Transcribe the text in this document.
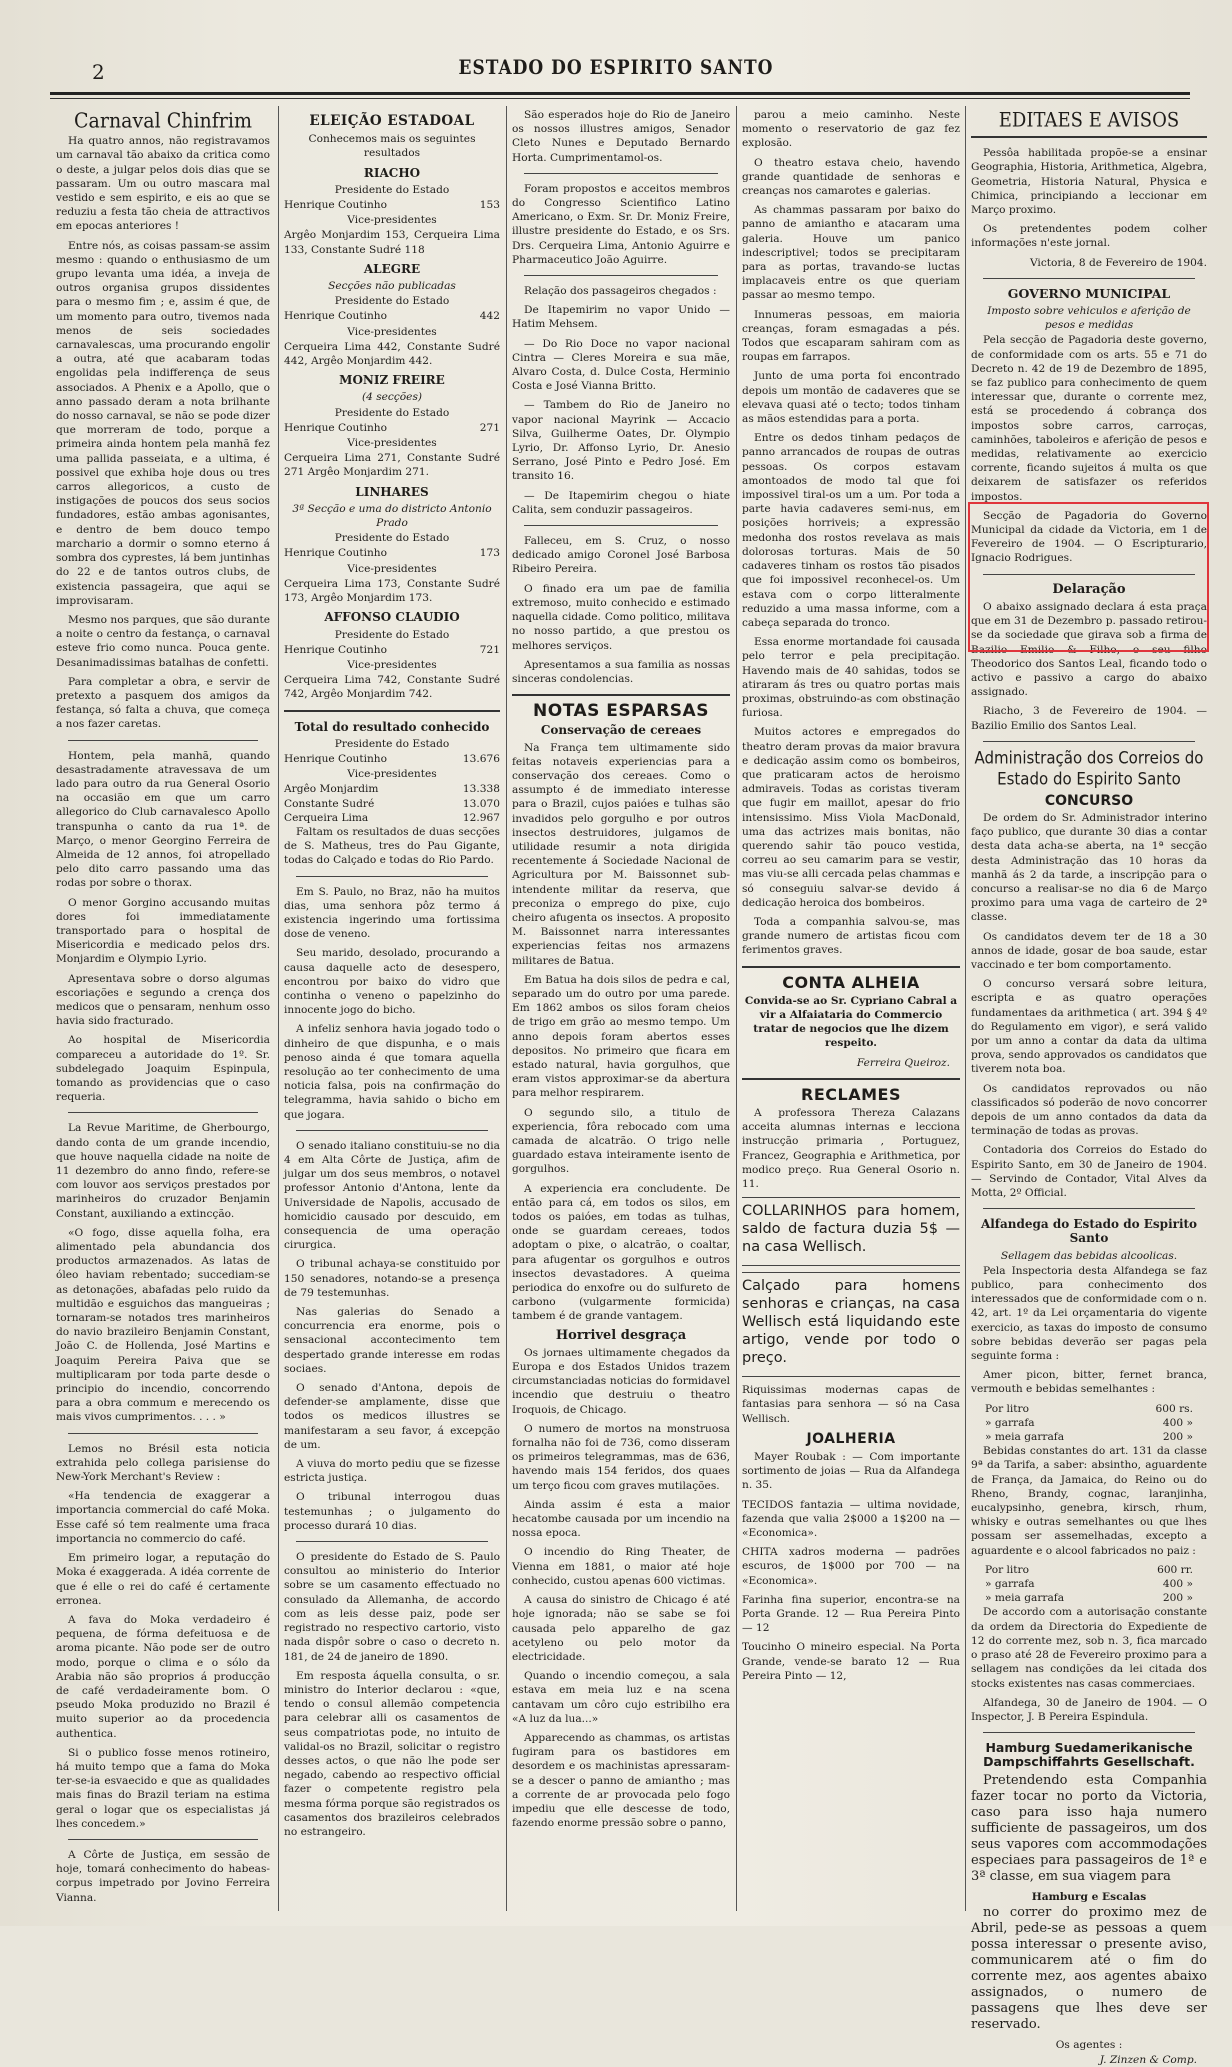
2	ESTADO DO ESPIRITO SANTO
Carnaval Chinfrim

Ha quatro annos, não registravamos um carnaval tão abaixo da critica como o deste, a julgar pelos dois dias que se passaram. Um ou outro mascara mal vestido e sem espirito, e eis ao que se reduziu a festa tão cheia de attractivos em epocas anteriores !

Entre nós, as coisas passam-se assim mesmo : quando o enthusiasmo de um grupo levanta uma idéa, a inveja de outros organisa grupos dissidentes para o mesmo fim ; e, assim é que, de um momento para outro, tivemos nada menos de seis sociedades carnavalescas, uma procurando engolir a outra, até que acabaram todas engolidas pela indifferença de seus associados. A Phenix e a Apollo, que o anno passado deram a nota brilhante do nosso carnaval, se não se pode dizer que morreram de todo, porque a primeira ainda hontem pela manhã fez uma pallida passeiata, e a ultima, é possivel que exhiba hoje dous ou tres carros allegoricos, a custo de instigações de poucos dos seus socios fundadores, estão ambas agonisantes, e dentro de bem douco tempo marchario a dormir o somno eterno á sombra dos cyprestes, lá bem juntinhas do 22 e de tantos outros clubs, de existencia passageira, que aqui se improvisaram.

Mesmo nos parques, que são durante a noite o centro da festança, o carnaval esteve frio como nunca. Pouca gente. Desanimadissimas batalhas de confetti.

Para completar a obra, e servir de pretexto a pasquem dos amigos da festança, só falta a chuva, que começa a nos fazer caretas.

Hontem, pela manhã, quando desastradamente atravessava de um lado para outro da rua General Osorio na occasião em que um carro allegorico do Club carnavalesco Apollo transpunha o canto da rua 1ª. de Março, o menor Georgino Ferreira de Almeida de 12 annos, foi atropellado pelo dito carro passando uma das rodas por sobre o thorax.

O menor Gorgino accusando muitas dores foi immediatamente transportado para o hospital de Misericordia e medicado pelos drs. Monjardim e Olympio Lyrio.

Apresentava sobre o dorso algumas escoriações e segundo a crença dos medicos que o pensaram, nenhum osso havia sido fracturado.

Ao hospital de Misericordia compareceu a autoridade do 1º. Sr. subdelegado Joaquim Espinpula, tomando as providencias que o caso requeria.

La Revue Maritime, de Gherbourgo, dando conta de um grande incendio, que houve naquella cidade na noite de 11 dezembro do anno findo, refere-se com louvor aos serviços prestados por marinheiros do cruzador Benjamin Constant, auxiliando a extincção.

«O fogo, disse aquella folha, era alimentado pela abundancia dos productos armazenados. As latas de óleo haviam rebentado; succediam-se as detonações, abafadas pelo ruido da multidão e esguichos das mangueiras ; tornaram-se notados tres marinheiros do navio brazileiro Benjamin Constant, João C. de Hollenda, José Martins e Joaquim Pereira Paiva que se multiplicaram por toda parte desde o principio do incendio, concorrendo para a obra commum e merecendo os mais vivos cumprimentos. . . . »

Lemos no Brésil esta noticia extrahida pelo collega parisiense do New-York Merchant's Review :

«Ha tendencia de exaggerar a importancia commercial do café Moka. Esse café só tem realmente uma fraca importancia no commercio do café.

Em primeiro logar, a reputação do Moka é exaggerada. A idéa corrente de que é elle o rei do café é certamente erronea.

A fava do Moka verdadeiro é pequena, de fórma defeituosa e de aroma picante. Não pode ser de outro modo, porque o clima e o sólo da Arabia não são proprios á producção de café verdadeiramente bom. O pseudo Moka produzido no Brazil é muito superior ao da procedencia authentica.

Si o publico fosse menos rotineiro, há muito tempo que a fama do Moka ter-se-ia esvaecido e que as qualidades mais finas do Brazil teriam na estima geral o logar que os especialistas já lhes concedem.»

A Côrte de Justiça, em sessão de hoje, tomará conhecimento do habeas-corpus impetrado por Jovino Ferreira Vianna.

ELEIÇÃO ESTADOAL
Conhecemos mais os seguintes resultados
RIACHO
Presidente do Estado
Henrique Coutinho	153
Vice-presidentes

Argêo Monjardim 153, Cerqueira Lima 133, Constante Sudré 118

ALEGRE
Secções não publicadas
Presidente do Estado
Henrique Coutinho	442
Vice-presidentes

Cerqueira Lima 442, Constante Sudré 442, Argêo Monjardim 442.

MONIZ FREIRE
(4 secções)
Presidente do Estado
Henrique Coutinho	271
Vice-presidentes

Cerqueira Lima 271, Constante Sudré 271 Argêo Monjardim 271.

LINHARES
3ª Secção e uma do districto Antonio Prado
Presidente do Estado
Henrique Coutinho	173
Vice-presidentes

Cerqueira Lima 173, Constante Sudré 173, Argêo Monjardim 173.

AFFONSO CLAUDIO
Presidente do Estado
Henrique Coutinho	721
Vice-presidentes

Cerqueira Lima 742, Constante Sudré 742, Argêo Monjardim 742.

Total do resultado conhecido
Presidente do Estado
Henrique Coutinho	13.676
Vice-presidentes
Argêo Monjardim	13.338
Constante Sudré	13.070
Cerqueira Lima	12.967

Faltam os resultados de duas secções de S. Matheus, tres do Pau Gigante, todas do Calçado e todas do Rio Pardo.

Em S. Paulo, no Braz, não ha muitos dias, uma senhora pôz termo á existencia ingerindo uma fortissima dose de veneno.

Seu marido, desolado, procurando a causa daquelle acto de desespero, encontrou por baixo do vidro que continha o veneno o papelzinho do innocente jogo do bicho.

A infeliz senhora havia jogado todo o dinheiro de que dispunha, e o mais penoso ainda é que tomara aquella resolução ao ter conhecimento de uma noticia falsa, pois na confirmação do telegramma, havia sahido o bicho em que jogara.

O senado italiano constituiu-se no dia 4 em Alta Côrte de Justiça, afim de julgar um dos seus membros, o notavel professor Antonio d'Antona, lente da Universidade de Napolis, accusado de homicidio causado por descuido, em consequencia de uma operação cirurgica.

O tribunal achaya-se constituido por 150 senadores, notando-se a presença de 79 testemunhas.

Nas galerias do Senado a concurrencia era enorme, pois o sensacional accontecimento tem despertado grande interesse em rodas sociaes.

O senado d'Antona, depois de defender-se amplamente, disse que todos os medicos illustres se manifestaram a seu favor, á excepção de um.

A viuva do morto pediu que se fizesse estricta justiça.

O tribunal interrogou duas testemunhas ; o julgamento do processo durará 10 dias.

O presidente do Estado de S. Paulo consultou ao ministerio do Interior sobre se um casamento effectuado no consulado da Allemanha, de accordo com as leis desse paiz, pode ser registrado no respectivo cartorio, visto nada dispôr sobre o caso o decreto n. 181, de 24 de janeiro de 1890.

Em resposta áquella consulta, o sr. ministro do Interior declarou : «que, tendo o consul allemão competencia para celebrar alli os casamentos de seus compatriotas pode, no intuito de validal-os no Brazil, solicitar o registro desses actos, o que não lhe pode ser negado, cabendo ao respectivo official fazer o competente registro pela mesma fórma porque são registrados os casamentos dos brazileiros celebrados no estrangeiro.

São esperados hoje do Rio de Janeiro os nossos illustres amigos, Senador Cleto Nunes e Deputado Bernardo Horta. Cumprimentamol-os.

Foram propostos e acceitos membros do Congresso Scientifico Latino Americano, o Exm. Sr. Dr. Moniz Freire, illustre presidente do Estado, e os Srs. Drs. Cerqueira Lima, Antonio Aguirre e Pharmaceutico João Aguirre.

Relação dos passageiros chegados :

De Itapemirim no vapor Unido — Hatim Mehsem.

— Do Rio Doce no vapor nacional Cintra — Cleres Moreira e sua mãe, Alvaro Costa, d. Dulce Costa, Herminio Costa e José Vianna Britto.

— Tambem do Rio de Janeiro no vapor nacional Mayrink — Accacio Silva, Guilherme Oates, Dr. Olympio Lyrio, Dr. Affonso Lyrio, Dr. Anesio Serrano, José Pinto e Pedro José. Em transito 16.

— De Itapemirim chegou o hiate Calita, sem conduzir passageiros.

Falleceu, em S. Cruz, o nosso dedicado amigo Coronel José Barbosa Ribeiro Pereira.

O finado era um pae de familia extremoso, muito conhecido e estimado naquella cidade. Como politico, militava no nosso partido, a que prestou os melhores serviços.

Apresentamos a sua familia as nossas sinceras condolencias.

NOTAS ESPARSAS
Conservação de cereaes

Na França tem ultimamente sido feitas notaveis experiencias para a conservação dos cereaes. Como o assumpto é de immediato interesse para o Brazil, cujos paióes e tulhas são invadidos pelo gorgulho e por outros insectos destruidores, julgamos de utilidade resumir a nota dirigida recentemente á Sociedade Nacional de Agricultura por M. Baissonnet sub-intendente militar da reserva, que preconiza o emprego do pixe, cujo cheiro afugenta os insectos. A proposito M. Baissonnet narra interessantes experiencias feitas nos armazens militares de Batua.

Em Batua ha dois silos de pedra e cal, separado um do outro por uma parede. Em 1862 ambos os silos foram cheios de trigo em grão ao mesmo tempo. Um anno depois foram abertos esses depositos. No primeiro que ficara em estado natural, havia gorgulhos, que eram vistos approximar-se da abertura para melhor respirarem.

O segundo silo, a titulo de experiencia, fôra rebocado com uma camada de alcatrão. O trigo nelle guardado estava inteiramente isento de gorgulhos.

A experiencia era concludente. De então para cá, em todos os silos, em todos os paióes, em todas as tulhas, onde se guardam cereaes, todos adoptam o pixe, o alcatrão, o coaltar, para afugentar os gorgulhos e outros insectos devastadores. A queima periodica do enxofre ou do sulfureto de carbono (vulgarmente formicida) tambem é de grande vantagem.

Horrivel desgraça

Os jornaes ultimamente chegados da Europa e dos Estados Unidos trazem circumstanciadas noticias do formidavel incendio que destruiu o theatro Iroquois, de Chicago.

O numero de mortos na monstruosa fornalha não foi de 736, como disseram os primeiros telegrammas, mas de 636, havendo mais 154 feridos, dos quaes um terço ficou com graves mutilações.

Ainda assim é esta a maior hecatombe causada por um incendio na nossa epoca.

O incendio do Ring Theater, de Vienna em 1881, o maior até hoje conhecido, custou apenas 600 victimas.

A causa do sinistro de Chicago é até hoje ignorada; não se sabe se foi causada pelo apparelho de gaz acetyleno ou pelo motor da electricidade.

Quando o incendio começou, a sala estava em meia luz e na scena cantavam um côro cujo estribilho era «A luz da lua...»

Apparecendo as chammas, os artistas fugiram para os bastidores em desordem e os machinistas apressaram-se a descer o panno de amiantho ; mas a corrente de ar provocada pelo fogo impediu que elle descesse de todo, fazendo enorme pressão sobre o panno,

parou a meio caminho. Neste momento o reservatorio de gaz fez explosão.

O theatro estava cheio, havendo grande quantidade de senhoras e creanças nos camarotes e galerias.

As chammas passaram por baixo do panno de amiantho e atacaram uma galeria. Houve um panico indescriptivel; todos se precipitaram para as portas, travando-se luctas implacaveis entre os que queriam passar ao mesmo tempo.

Innumeras pessoas, em maioria creanças, foram esmagadas a pés. Todos que escaparam sahiram com as roupas em farrapos.

Junto de uma porta foi encontrado depois um montão de cadaveres que se elevava quasi até o tecto; todos tinham as mãos estendidas para a porta.

Entre os dedos tinham pedaços de panno arrancados de roupas de outras pessoas. Os corpos estavam amontoados de modo tal que foi impossivel tiral-os um a um. Por toda a parte havia cadaveres semi-nus, em posições horriveis; a expressão medonha dos rostos revelava as mais dolorosas torturas. Mais de 50 cadaveres tinham os rostos tão pisados que foi impossivel reconhecel-os. Um estava com o corpo litteralmente reduzido a uma massa informe, com a cabeça separada do tronco.

Essa enorme mortandade foi causada pelo terror e pela precipitação. Havendo mais de 40 sahidas, todos se atiraram ás tres ou quatro portas mais proximas, obstruindo-as com obstinação furiosa.

Muitos actores e empregados do theatro deram provas da maior bravura e dedicação assim como os bombeiros, que praticaram actos de heroismo admiraveis. Todas as coristas tiveram que fugir em maillot, apesar do frio intensissimo. Miss Viola MacDonald, uma das actrizes mais bonitas, não querendo sahir tão pouco vestida, correu ao seu camarim para se vestir, mas viu-se alli cercada pelas chammas e só conseguiu salvar-se devido á dedicação heroica dos bombeiros.

Toda a companhia salvou-se, mas grande numero de artistas ficou com ferimentos graves.

CONTA ALHEIA

Convida-se ao Sr. Cypriano Cabral a vir a Alfaiataria do Commercio tratar de negocios que lhe dizem respeito.

Ferreira Queiroz.
RECLAMES

A professora Thereza Calazans acceita alumnas internas e lecciona instrucção primaria , Portuguez, Francez, Geographia e Arithmetica, por modico preço. Rua General Osorio n. 11.

COLLARINHOS para homem, saldo de factura duzia 5$ — na casa Wellisch.

Calçado para homens senhoras e crianças, na casa Wellisch está liquidando este artigo, vende por todo o preço.

Riquissimas modernas capas de fantasias para senhora — só na Casa Wellisch.

JOALHERIA

Mayer Roubak : — Com importante sortimento de joias — Rua da Alfandega n. 35.

TECIDOS fantazia — ultima novidade, fazenda que valia 2$000 a 1$200 na — «Economica».

CHITA xadros moderna — padrões escuros, de 1$000 por 700 — na «Economica».

Farinha fina superior, encontra-se na Porta Grande. 12 — Rua Pereira Pinto — 12

Toucinho O mineiro especial. Na Porta Grande, vende-se barato 12 — Rua Pereira Pinto — 12,

EDITAES E AVISOS

Pessôa habilitada propõe-se a ensinar Geographia, Historia, Arithmetica, Algebra, Geometria, Historia Natural, Physica e Chimica, principiando a leccionar em Março proximo.

Os pretendentes podem colher informações n'este jornal.

Victoria, 8 de Fevereiro de 1904.

GOVERNO MUNICIPAL
Imposto sobre vehiculos e aferição de pesos e medidas

Pela secção de Pagadoria deste governo, de conformidade com os arts. 55 e 71 do Decreto n. 42 de 19 de Dezembro de 1895, se faz publico para conhecimento de quem interessar que, durante o corrente mez, está se procedendo á cobrança dos impostos sobre carros, carroças, caminhões, taboleiros e aferição de pesos e medidas, relativamente ao exercicio corrente, ficando sujeitos á multa os que deixarem de satisfazer os referidos impostos.

Secção de Pagadoria do Governo Municipal da cidade da Victoria, em 1 de Fevereiro de 1904. — O Escripturario, Ignacio Rodrigues.

Delaração

O abaixo assignado declara á esta praça que em 31 de Dezembro p. passado retirou-se da sociedade que girava sob a firma de Bazilio Emilio & Filho, o seu filho Theodorico dos Santos Leal, ficando todo o activo e passivo a cargo do abaixo assignado.

Riacho, 3 de Fevereiro de 1904. — Bazilio Emilio dos Santos Leal.

Administração dos Correios do Estado do Espirito Santo
CONCURSO

De ordem do Sr. Administrador interino faço publico, que durante 30 dias a contar desta data acha-se aberta, na 1ª secção desta Administração das 10 horas da manhã ás 2 da tarde, a inscripção para o concurso a realisar-se no dia 6 de Março proximo para uma vaga de carteiro de 2ª classe.

Os candidatos devem ter de 18 a 30 annos de idade, gosar de boa saude, estar vaccinado e ter bom comportamento.

O concurso versará sobre leitura, escripta e as quatro operações fundamentaes da arithmetica ( art. 394 § 4º do Regulamento em vigor), e será valido por um anno a contar da data da ultima prova, sendo approvados os candidatos que tiverem nota boa.

Os candidatos reprovados ou não classificados só poderão de novo concorrer depois de um anno contados da data da terminação de todas as provas.

Contadoria dos Correios do Estado do Espirito Santo, em 30 de Janeiro de 1904. — Servindo de Contador, Vital Alves da Motta, 2º Official.

Alfandega do Estado do Espirito Santo
Sellagem das bebidas alcoolicas.

Pela Inspectoria desta Alfandega se faz publico, para conhecimento dos interessados que de conformidade com o n. 42, art. 1º da Lei orçamentaria do vigente exercicio, as taxas do imposto de consumo sobre bebidas deverão ser pagas pela seguinte forma :

Amer picon, bitter, fernet branca, vermouth e bebidas semelhantes :

Por litro	600 rs.
» garrafa	400 »
» meia garrafa	200 »

Bebidas constantes do art. 131 da classe 9ª da Tarifa, a saber: absintho, aguardente de França, da Jamaica, do Reino ou do Rheno, Brandy, cognac, laranjinha, eucalypsinho, genebra, kirsch, rhum, whisky e outras semelhantes ou que lhes possam ser assemelhadas, excepto a aguardente e o alcool fabricados no paiz :

Por litro	600 rr.
» garrafa	400 »
» meia garrafa	200 »

De accordo com a autorisação constante da ordem da Directoria do Expediente de 12 do corrente mez, sob n. 3, fica marcado o praso até 28 de Fevereiro proximo para a sellagem nas condições da lei citada dos stocks existentes nas casas commerciaes.

Alfandega, 30 de Janeiro de 1904. — O Inspector, J. B Pereira Espindula.

Hamburg Suedamerikanische Dampschiffahrts Gesellschaft.

Pretendendo esta Companhia fazer tocar no porto da Victoria, caso para isso haja numero sufficiente de passageiros, um dos seus vapores com accommodações especiaes para passageiros de 1ª e 3ª classe, em sua viagem para

Hamburg e Escalas

no correr do proximo mez de Abril, pede-se as pessoas a quem possa interessar o presente aviso, communicarem até o fim do corrente mez, aos agentes abaixo assignados, o numero de passagens que lhes deve ser reservado.

Os agentes :
J. Zinzen & Comp.
